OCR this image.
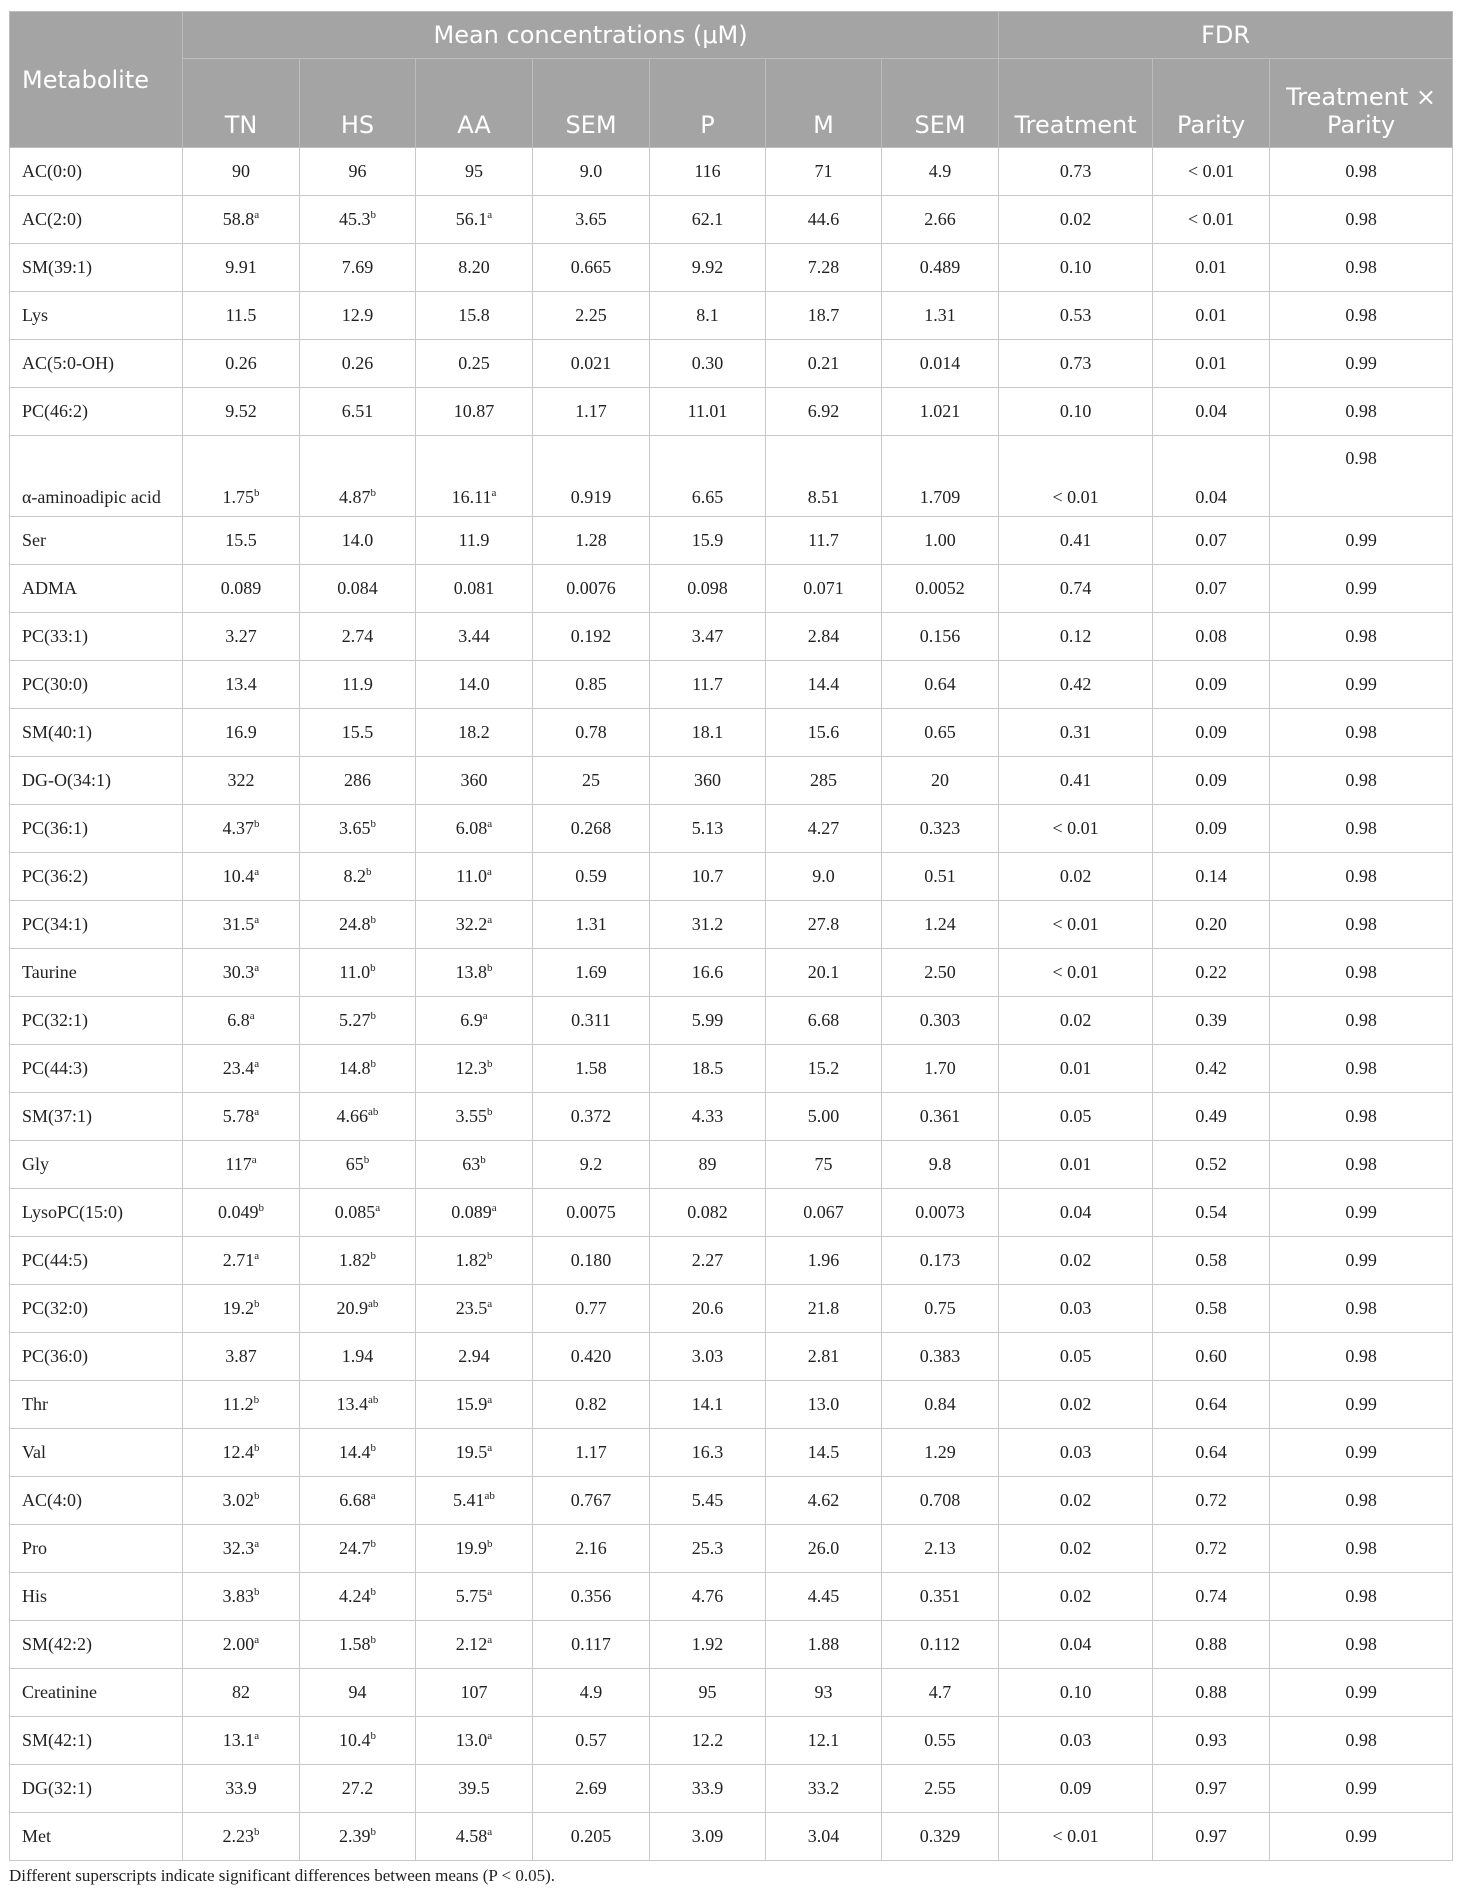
Metabolite	Mean concentrations (μM)							FDR		
	TN	HS	AA	SEM	P	M	SEM	Treatment	Parity	Treatment × Parity
AC(0:0)	90	96	95	9.0	116	71	4.9	0.73	< 0.01	0.98
AC(2:0)	58.8$^a$	45.3$^b$	56.1$^a$	3.65	62.1	44.6	2.66	0.02	< 0.01	0.98
SM(39:1)	9.91	7.69	8.20	0.665	9.92	7.28	0.489	0.10	0.01	0.98
Lys	11.5	12.9	15.8	2.25	8.1	18.7	1.31	0.53	0.01	0.98
AC(5:0-OH)	0.26	0.26	0.25	0.021	0.30	0.21	0.014	0.73	0.01	0.99
PC(46:2)	9.52	6.51	10.87	1.17	11.01	6.92	1.021	0.10	0.04	0.98
α-aminoadipic acid	1.75$^b$	4.87$^b$	16.11$^a$	0.919	6.65	8.51	1.709	< 0.01	0.04	0.98
Ser	15.5	14.0	11.9	1.28	15.9	11.7	1.00	0.41	0.07	0.99
ADMA	0.089	0.084	0.081	0.0076	0.098	0.071	0.0052	0.74	0.07	0.99
PC(33:1)	3.27	2.74	3.44	0.192	3.47	2.84	0.156	0.12	0.08	0.98
PC(30:0)	13.4	11.9	14.0	0.85	11.7	14.4	0.64	0.42	0.09	0.99
SM(40:1)	16.9	15.5	18.2	0.78	18.1	15.6	0.65	0.31	0.09	0.98
DG-O(34:1)	322	286	360	25	360	285	20	0.41	0.09	0.98
PC(36:1)	4.37$^b$	3.65$^b$	6.08$^a$	0.268	5.13	4.27	0.323	< 0.01	0.09	0.98
PC(36:2)	10.4$^a$	8.2$^b$	11.0$^a$	0.59	10.7	9.0	0.51	0.02	0.14	0.98
PC(34:1)	31.5$^a$	24.8$^b$	32.2$^a$	1.31	31.2	27.8	1.24	< 0.01	0.20	0.98
Taurine	30.3$^a$	11.0$^b$	13.8$^b$	1.69	16.6	20.1	2.50	< 0.01	0.22	0.98
PC(32:1)	6.8$^a$	5.27$^b$	6.9$^a$	0.311	5.99	6.68	0.303	0.02	0.39	0.98
PC(44:3)	23.4$^a$	14.8$^b$	12.3$^b$	1.58	18.5	15.2	1.70	0.01	0.42	0.98
SM(37:1)	5.78$^a$	4.66$^{ab}$	3.55$^b$	0.372	4.33	5.00	0.361	0.05	0.49	0.98
Gly	117$^a$	65$^b$	63$^b$	9.2	89	75	9.8	0.01	0.52	0.98
LysoPC(15:0)	0.049$^b$	0.085$^a$	0.089$^a$	0.0075	0.082	0.067	0.0073	0.04	0.54	0.99
PC(44:5)	2.71$^a$	1.82$^b$	1.82$^b$	0.180	2.27	1.96	0.173	0.02	0.58	0.99
PC(32:0)	19.2$^b$	20.9$^{ab}$	23.5$^a$	0.77	20.6	21.8	0.75	0.03	0.58	0.98
PC(36:0)	3.87	1.94	2.94	0.420	3.03	2.81	0.383	0.05	0.60	0.98
Thr	11.2$^b$	13.4$^{ab}$	15.9$^a$	0.82	14.1	13.0	0.84	0.02	0.64	0.99
Val	12.4$^b$	14.4$^b$	19.5$^a$	1.17	16.3	14.5	1.29	0.03	0.64	0.99
AC(4:0)	3.02$^b$	6.68$^a$	5.41$^{ab}$	0.767	5.45	4.62	0.708	0.02	0.72	0.98
Pro	32.3$^a$	24.7$^b$	19.9$^b$	2.16	25.3	26.0	2.13	0.02	0.72	0.98
His	3.83$^b$	4.24$^b$	5.75$^a$	0.356	4.76	4.45	0.351	0.02	0.74	0.98
SM(42:2)	2.00$^a$	1.58$^b$	2.12$^a$	0.117	1.92	1.88	0.112	0.04	0.88	0.98
Creatinine	82	94	107	4.9	95	93	4.7	0.10	0.88	0.99
SM(42:1)	13.1$^a$	10.4$^b$	13.0$^a$	0.57	12.2	12.1	0.55	0.03	0.93	0.98
DG(32:1)	33.9	27.2	39.5	2.69	33.9	33.2	2.55	0.09	0.97	0.99
Met	2.23$^b$	2.39$^b$	4.58$^a$	0.205	3.09	3.04	0.329	< 0.01	0.97	0.99
Different superscripts indicate significant differences between means (P < 0.05).
